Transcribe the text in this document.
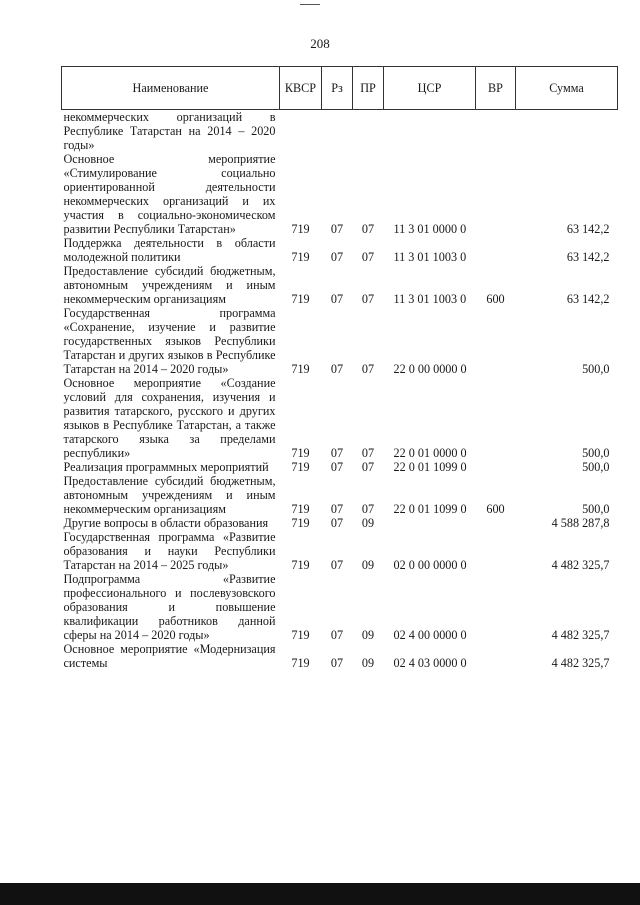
208
Наименование	КВСР	Рз	ПР	ЦСР	ВР	Сумма
некоммерческих организаций в Республике Татарстан на 2014 – 2020 годы»						
Основное мероприятие «Стимулирование социально ориентированной деятельности некоммерческих организаций и их участия в социально-экономическом развитии Республики Татарстан»	719	07	07	11 3 01 0000 0		63 142,2
Поддержка деятельности в области молодежной политики	719	07	07	11 3 01 1003 0		63 142,2
Предоставление субсидий бюджетным, автономным учреждениям и иным некоммерческим организациям	719	07	07	11 3 01 1003 0	600	63 142,2
Государственная программа «Сохранение, изучение и развитие государственных языков Республики Татарстан и других языков в Республике Татарстан на 2014 – 2020 годы»	719	07	07	22 0 00 0000 0		500,0
Основное мероприятие «Создание условий для сохранения, изучения и развития татарского, русского и других языков в Республике Татарстан, а также татарского языка за пределами республики»	719	07	07	22 0 01 0000 0		500,0
Реализация программных мероприятий	719	07	07	22 0 01 1099 0		500,0
Предоставление субсидий бюджетным, автономным учреждениям и иным некоммерческим организациям	719	07	07	22 0 01 1099 0	600	500,0
Другие вопросы в области образования	719	07	09			4 588 287,8
Государственная программа «Развитие образования и науки Республики Татарстан на 2014 – 2025 годы»	719	07	09	02 0 00 0000 0		4 482 325,7
Подпрограмма «Развитие профессионального и послевузовского образования и повышение квалификации работников данной сферы на 2014 – 2020 годы»	719	07	09	02 4 00 0000 0		4 482 325,7
Основное мероприятие «Модернизация системы	719	07	09	02 4 03 0000 0		4 482 325,7
